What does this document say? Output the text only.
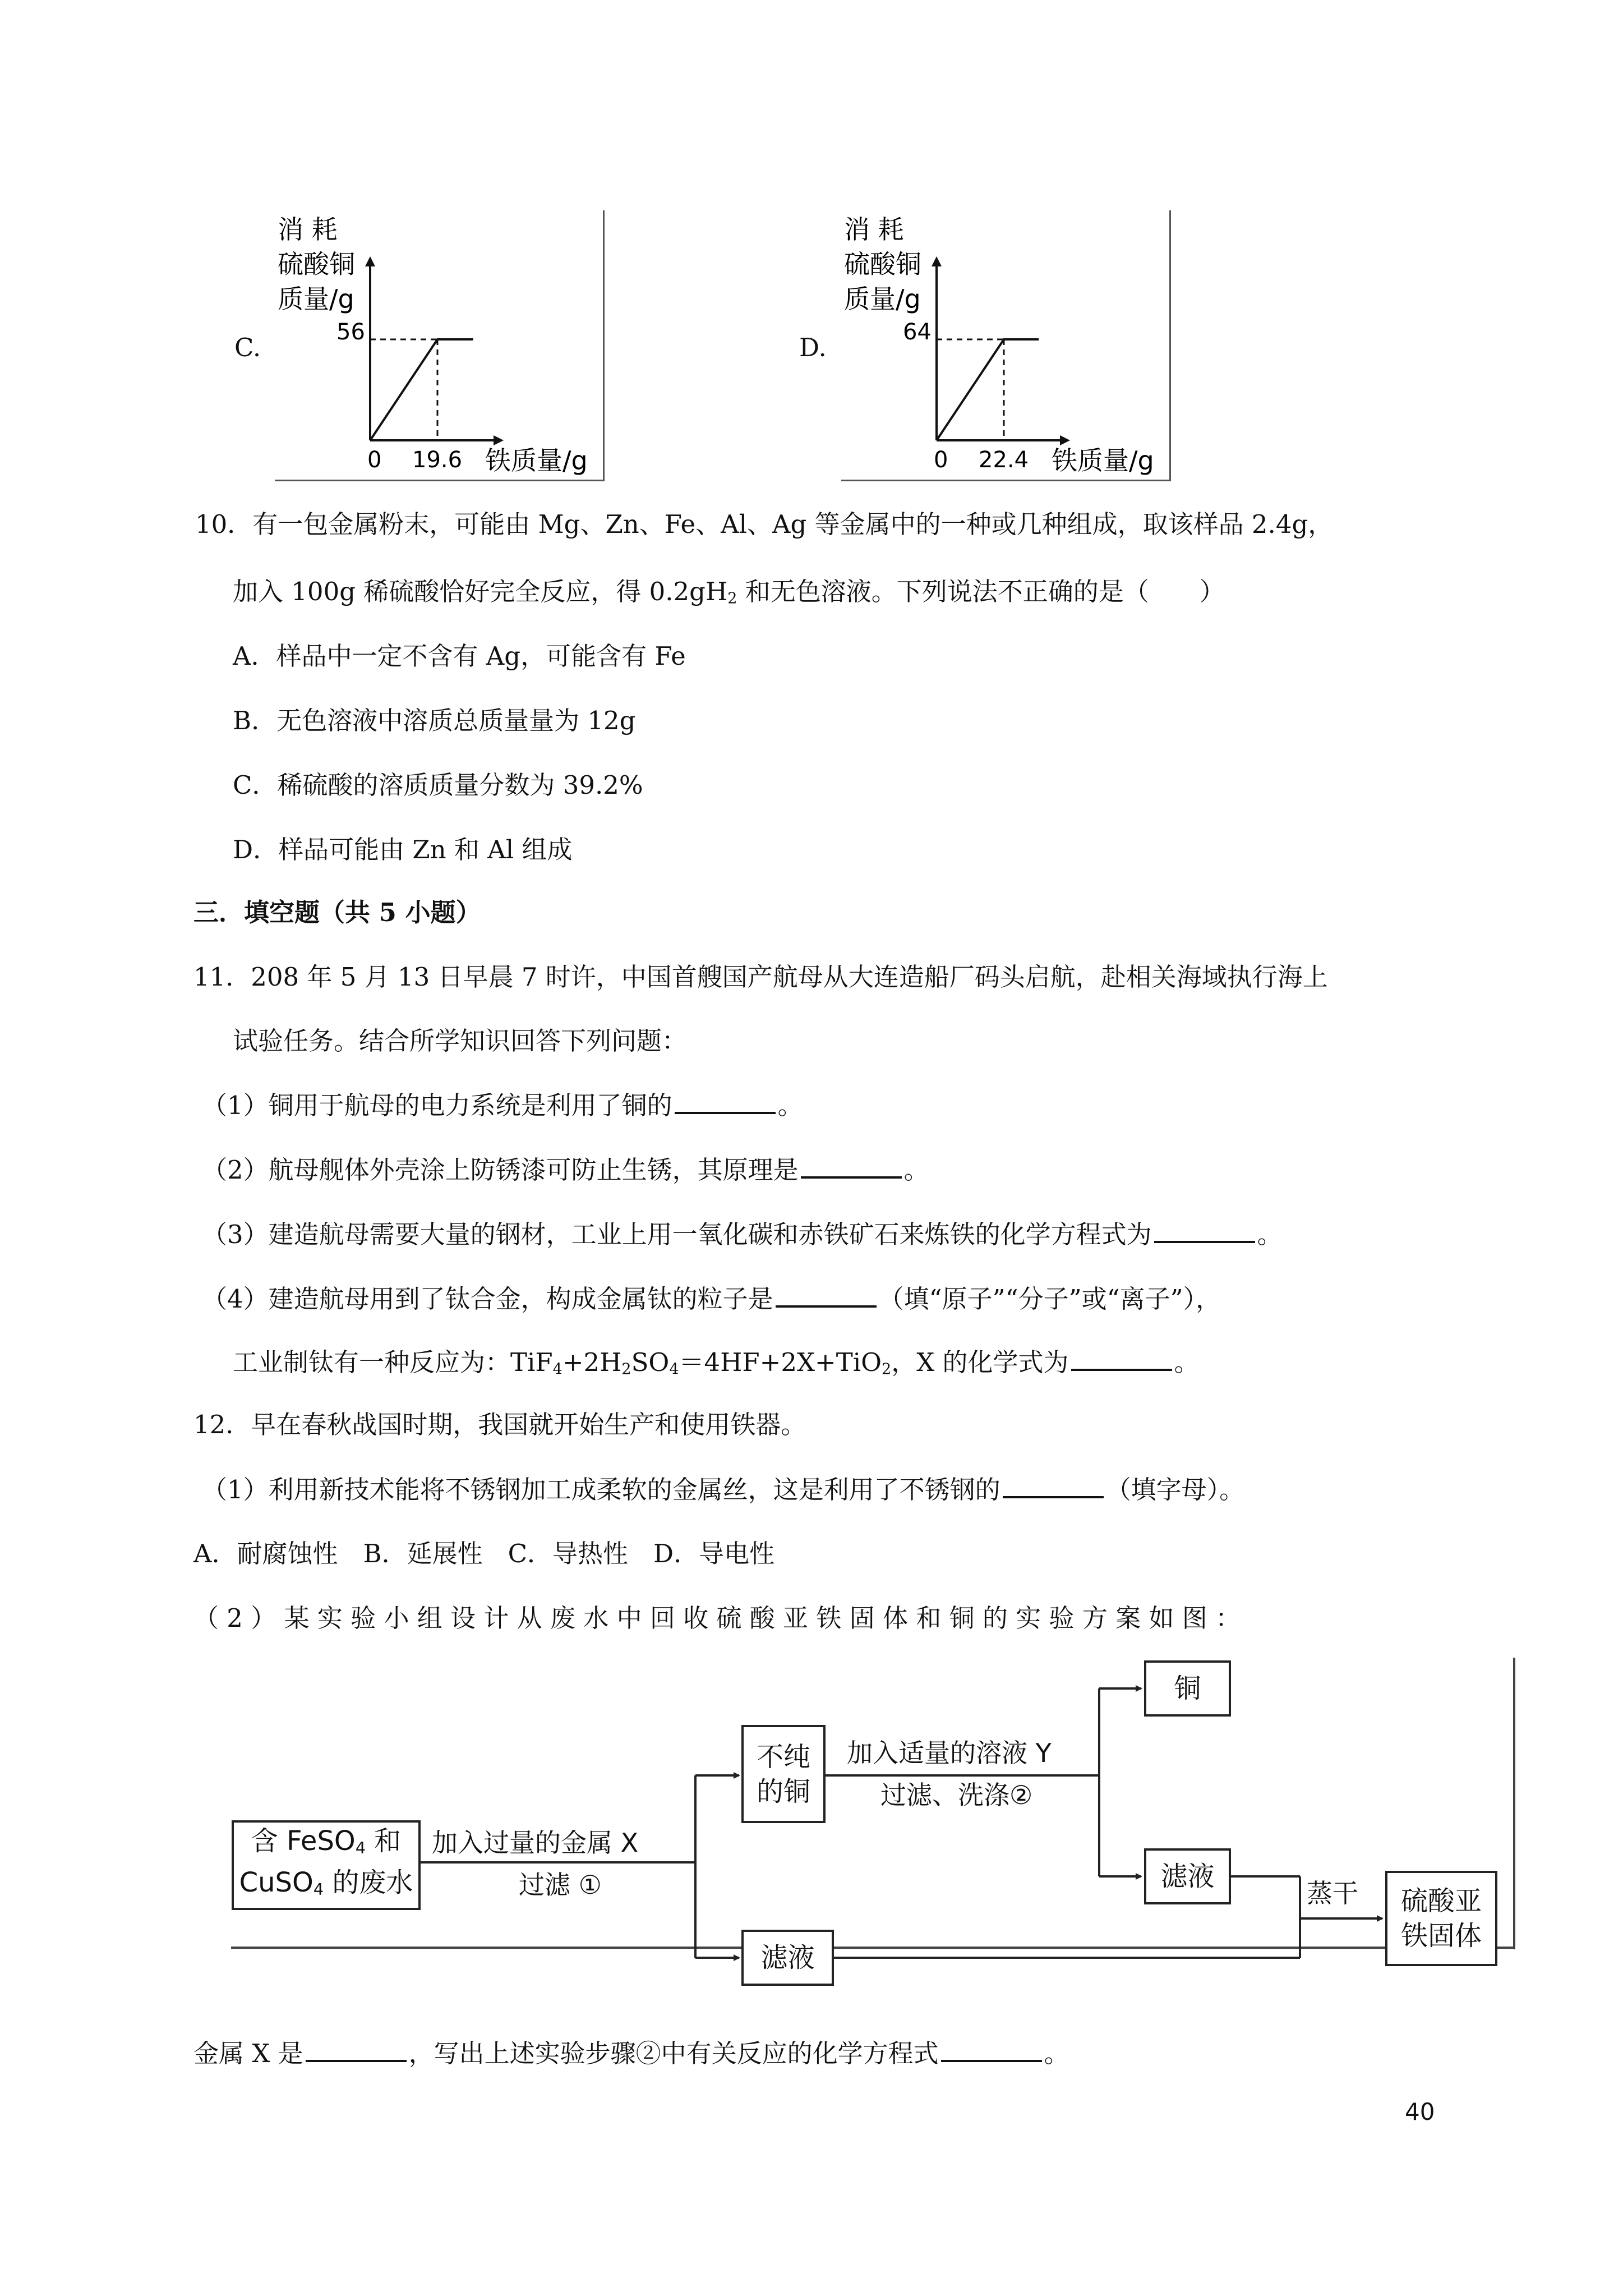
C.
消 耗
硫酸铜
质量/g
0 19.6 铁质量/g
56
D.
消 耗
硫酸铜
质量/g
0 22.4 铁质量/g
64
10．有一包金属粉末，可能由 Mg、Zn、Fe、Al、Ag 等金属中的一种或几种组成，取该样品 2.4g，
加入 100g 稀硫酸恰好完全反应，得 $0.2gH_2$ 和无色溶液。下列说法不正确的是（　　）
A．样品中一定不含有 Ag，可能含有 Fe
B．无色溶液中溶质总质量量为 12g
C．稀硫酸的溶质质量分数为 39.2%
D．样品可能由 Zn 和 Al 组成
三．填空题（共 5 小题）
11．208 年 5 月 13 日早晨 7 时许，中国首艘国产航母从大连造船厂码头启航，赴相关海域执行海上
试验任务。结合所学知识回答下列问题：
（1）铜用于航母的电力系统是利用了铜的	。
（2）航母舰体外壳涂上防锈漆可防止生锈，其原理是	。
（3）建造航母需要大量的钢材，工业上用一氧化碳和赤铁矿石来炼铁的化学方程式为	。
（4）建造航母用到了钛合金，构成金属钛的粒子是	（填“原子”“分子”或“离子”），
工业制钛有一种反应为：$TiF_4+2H_2SO_4=4HF+2X+TiO_2$，X 的化学式为	。
12．早在春秋战国时期，我国就开始生产和使用铁器。
（1）利用新技术能将不锈钢加工成柔软的金属丝，这是利用了不锈钢的	（填字母）。
A．耐腐蚀性　B．延展性　C．导热性　D．导电性
（ 2 ） 某 实 验 小 组 设 计 从 废 水 中 回 收 硫 酸 亚 铁 固 体 和 铜 的 实 验 方 案 如 图 ：
含 FeSO$_4$ 和
CuSO$_4$ 的废水
加入过量的金属 X
过滤 ①
不纯
的铜
加入适量的溶液 Y
过滤、洗涤②
铜
滤液
滤液
蒸干 硫酸亚
铁固体
金属 X 是	，写出上述实验步骤②中有关反应的化学方程式	。
40
